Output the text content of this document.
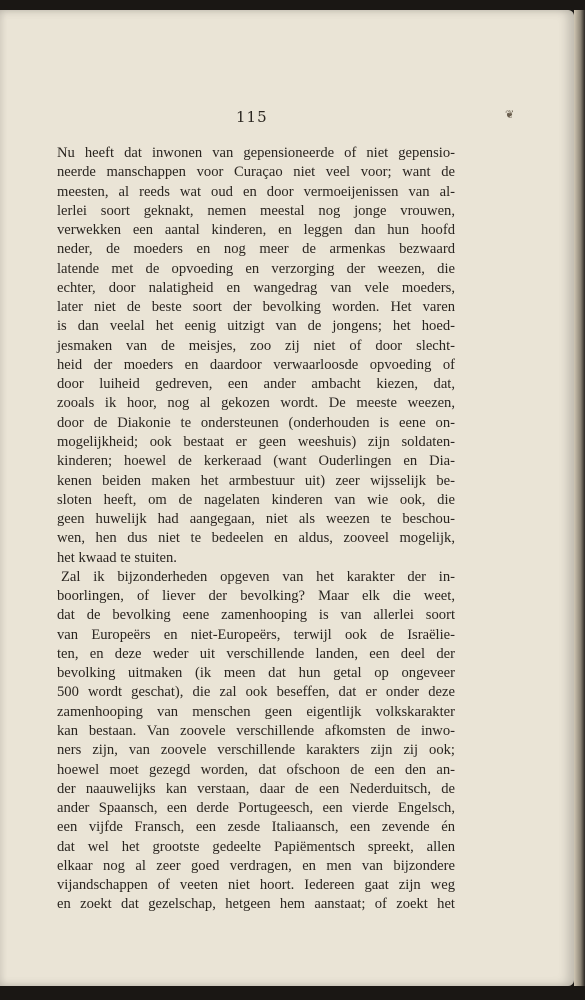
115	❦
Nu heeft dat inwonen van gepensioneerde of niet gepensio-
neerde manschappen voor Curaçao niet veel voor; want de
meesten, al reeds wat oud en door vermoeijenissen van al-
lerlei soort geknakt, nemen meestal nog jonge vrouwen,
verwekken een aantal kinderen, en leggen dan hun hoofd
neder, de moeders en nog meer de armenkas bezwaard
latende met de opvoeding en verzorging der weezen, die
echter, door nalatigheid en wangedrag van vele moeders,
later niet de beste soort der bevolking worden. Het varen
is dan veelal het eenig uitzigt van de jongens; het hoed-
jesmaken van de meisjes, zoo zij niet of door slecht-
heid der moeders en daardoor verwaarloosde opvoeding of
door luiheid gedreven, een ander ambacht kiezen, dat,
zooals ik hoor, nog al gekozen wordt. De meeste weezen,
door de Diakonie te ondersteunen (onderhouden is eene on-
mogelijkheid; ook bestaat er geen weeshuis) zijn soldaten-
kinderen; hoewel de kerkeraad (want Ouderlingen en Dia-
kenen beiden maken het armbestuur uit) zeer wijsselijk be-
sloten heeft, om de nagelaten kinderen van wie ook, die
geen huwelijk had aangegaan, niet als weezen te beschou-
wen, hen dus niet te bedeelen en aldus, zooveel mogelijk,
het kwaad te stuiten.
Zal ik bijzonderheden opgeven van het karakter der in-
boorlingen, of liever der bevolking? Maar elk die weet,
dat de bevolking eene zamenhooping is van allerlei soort
van Europeërs en niet-Europeërs, terwijl ook de Israëlie-
ten, en deze weder uit verschillende landen, een deel der
bevolking uitmaken (ik meen dat hun getal op ongeveer
500 wordt geschat), die zal ook beseffen, dat er onder deze
zamenhooping van menschen geen eigentlijk volkskarakter
kan bestaan. Van zoovele verschillende afkomsten de inwo-
ners zijn, van zoovele verschillende karakters zijn zij ook;
hoewel moet gezegd worden, dat ofschoon de een den an-
der naauwelijks kan verstaan, daar de een Nederduitsch, de
ander Spaansch, een derde Portugeesch, een vierde Engelsch,
een vijfde Fransch, een zesde Italiaansch, een zevende én
dat wel het grootste gedeelte Papiëmentsch spreekt, allen
elkaar nog al zeer goed verdragen, en men van bijzondere
vijandschappen of veeten niet hoort. Iedereen gaat zijn weg
en zoekt dat gezelschap, hetgeen hem aanstaat; of zoekt het
